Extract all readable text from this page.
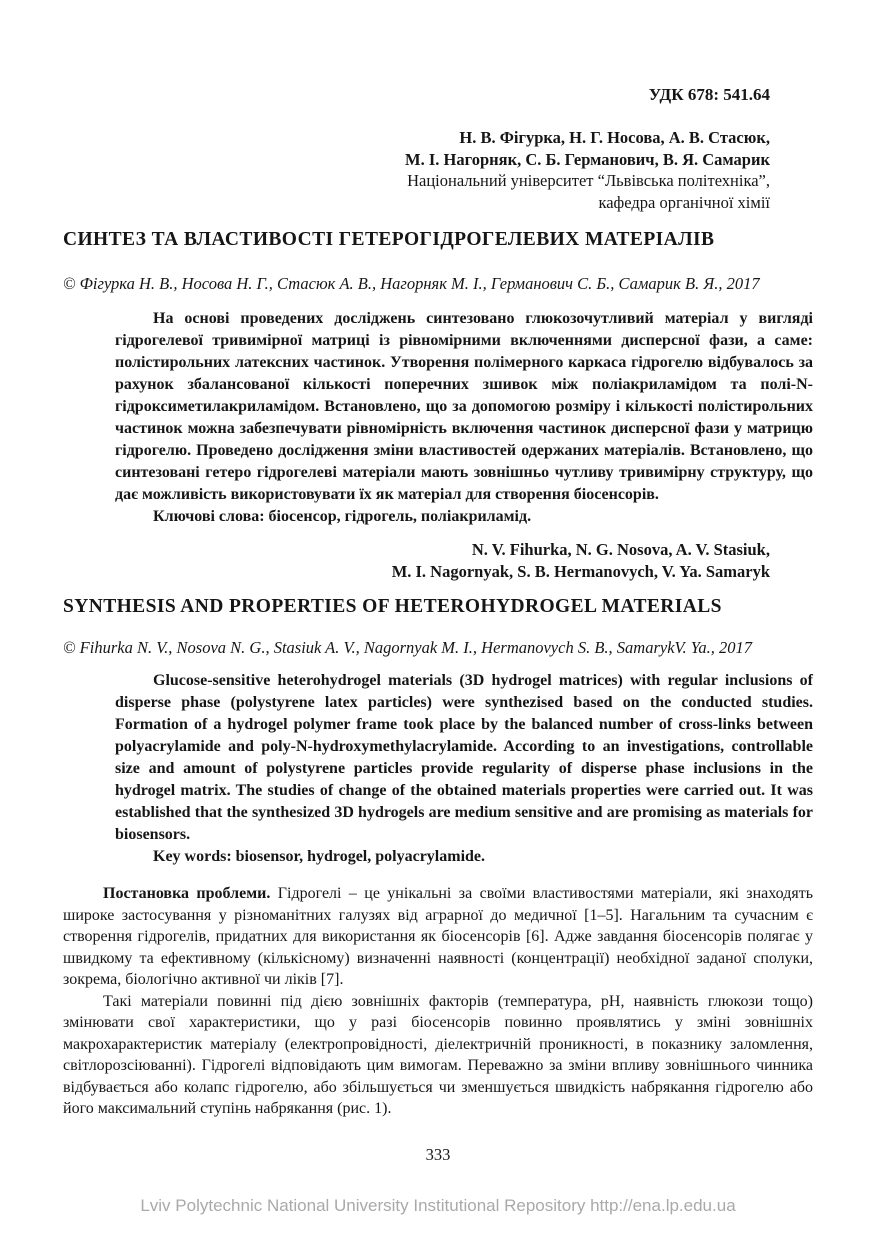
УДК 678: 541.64
Н. В. Фігурка, Н. Г. Носова, А. В. Стасюк,
М. І. Нагорняк, С. Б. Германович, В. Я. Самарик
Національний університет “Львівська політехніка”,
кафедра органічної хімії
СИНТЕЗ ТА ВЛАСТИВОСТІ ГЕТЕРОГІДРОГЕЛЕВИХ МАТЕРІАЛІВ
© Фігурка Н. В., Носова Н. Г., Стасюк А. В., Нагорняк М. І., Германович С. Б., Самарик В. Я., 2017

На основі проведених досліджень синтезовано глюкозочутливий матеріал у вигляді гідрогелевої тривимірної матриці із рівномірними включеннями дисперсної фази, а саме: полістирольних латексних частинок. Утворення полімерного каркаса гідрогелю відбувалось за рахунок збалансованої кількості поперечних зшивок між поліакриламідом та полі-N-гідроксиметилакриламідом. Встановлено, що за допомогою розміру і кількості полістирольних частинок можна забезпечувати рівномірність включення частинок дисперсної фази у матрицю гідрогелю. Проведено дослідження зміни властивостей одержаних матеріалів. Встановлено, що синтезовані гетеро гідрогелеві матеріали мають зовнішньо чутливу тривимірну структуру, що дає можливість використовувати їх як матеріал для створення біосенсорів.

Ключові слова: біосенсор, гідрогель, поліакриламід.

N. V. Fihurka, N. G. Nosova, A. V. Stasiuk,
M. I. Nagornyak, S. B. Hermanovych, V. Ya. Samaryk
SYNTHESIS AND PROPERTIES OF HETEROHYDROGEL MATERIALS
© Fihurka N. V., Nosova N. G., Stasiuk A. V., Nagornyak M. I., Hermanovych S. B., SamarykV. Ya., 2017

Glucose-sensitive heterohydrogel materials (3D hydrogel matrices) with regular inclusions of disperse phase (polystyrene latex particles) were synthezised based on the conducted studies. Formation of a hydrogel polymer frame took place by the balanced number of cross-links between polyacrylamide and poly-N-hydroxymethylacrylamide. According to an investigations, controllable size and amount of polystyrene particles provide regularity of disperse phase inclusions in the hydrogel matrix. The studies of change of the obtained materials properties were carried out. It was established that the synthesized 3D hydrogels are medium sensitive and are promising as materials for biosensors.

Key words: biosensor, hydrogel, polyacrylamide.

Постановка проблеми. Гідрогелі – це унікальні за своїми властивостями матеріали, які знаходять широке застосування у різноманітних галузях від аграрної до медичної [1–5]. Нагальним та сучасним є створення гідрогелів, придатних для використання як біосенсорів [6]. Адже завдання біосенсорів полягає у швидкому та ефективному (кількісному) визначенні наявності (концентрації) необхідної заданої сполуки, зокрема, біологічно активної чи ліків [7].

Такі матеріали повинні під дією зовнішніх факторів (температура, pH, наявність глюкози тощо) змінювати свої характеристики, що у разі біосенсорів повинно проявлятись у зміні зовнішніх макрохарактеристик матеріалу (електропровідності, діелектричній проникності, в показнику заломлення, світлорозсіюванні). Гідрогелі відповідають цим вимогам. Переважно за зміни впливу зовнішнього чинника відбувається або колапс гідрогелю, або збільшується чи зменшується швидкість набрякання гідрогелю або його максимальний ступінь набрякання (рис. 1).

333
Lviv Polytechnic National University Institutional Repository http://ena.lp.edu.ua
